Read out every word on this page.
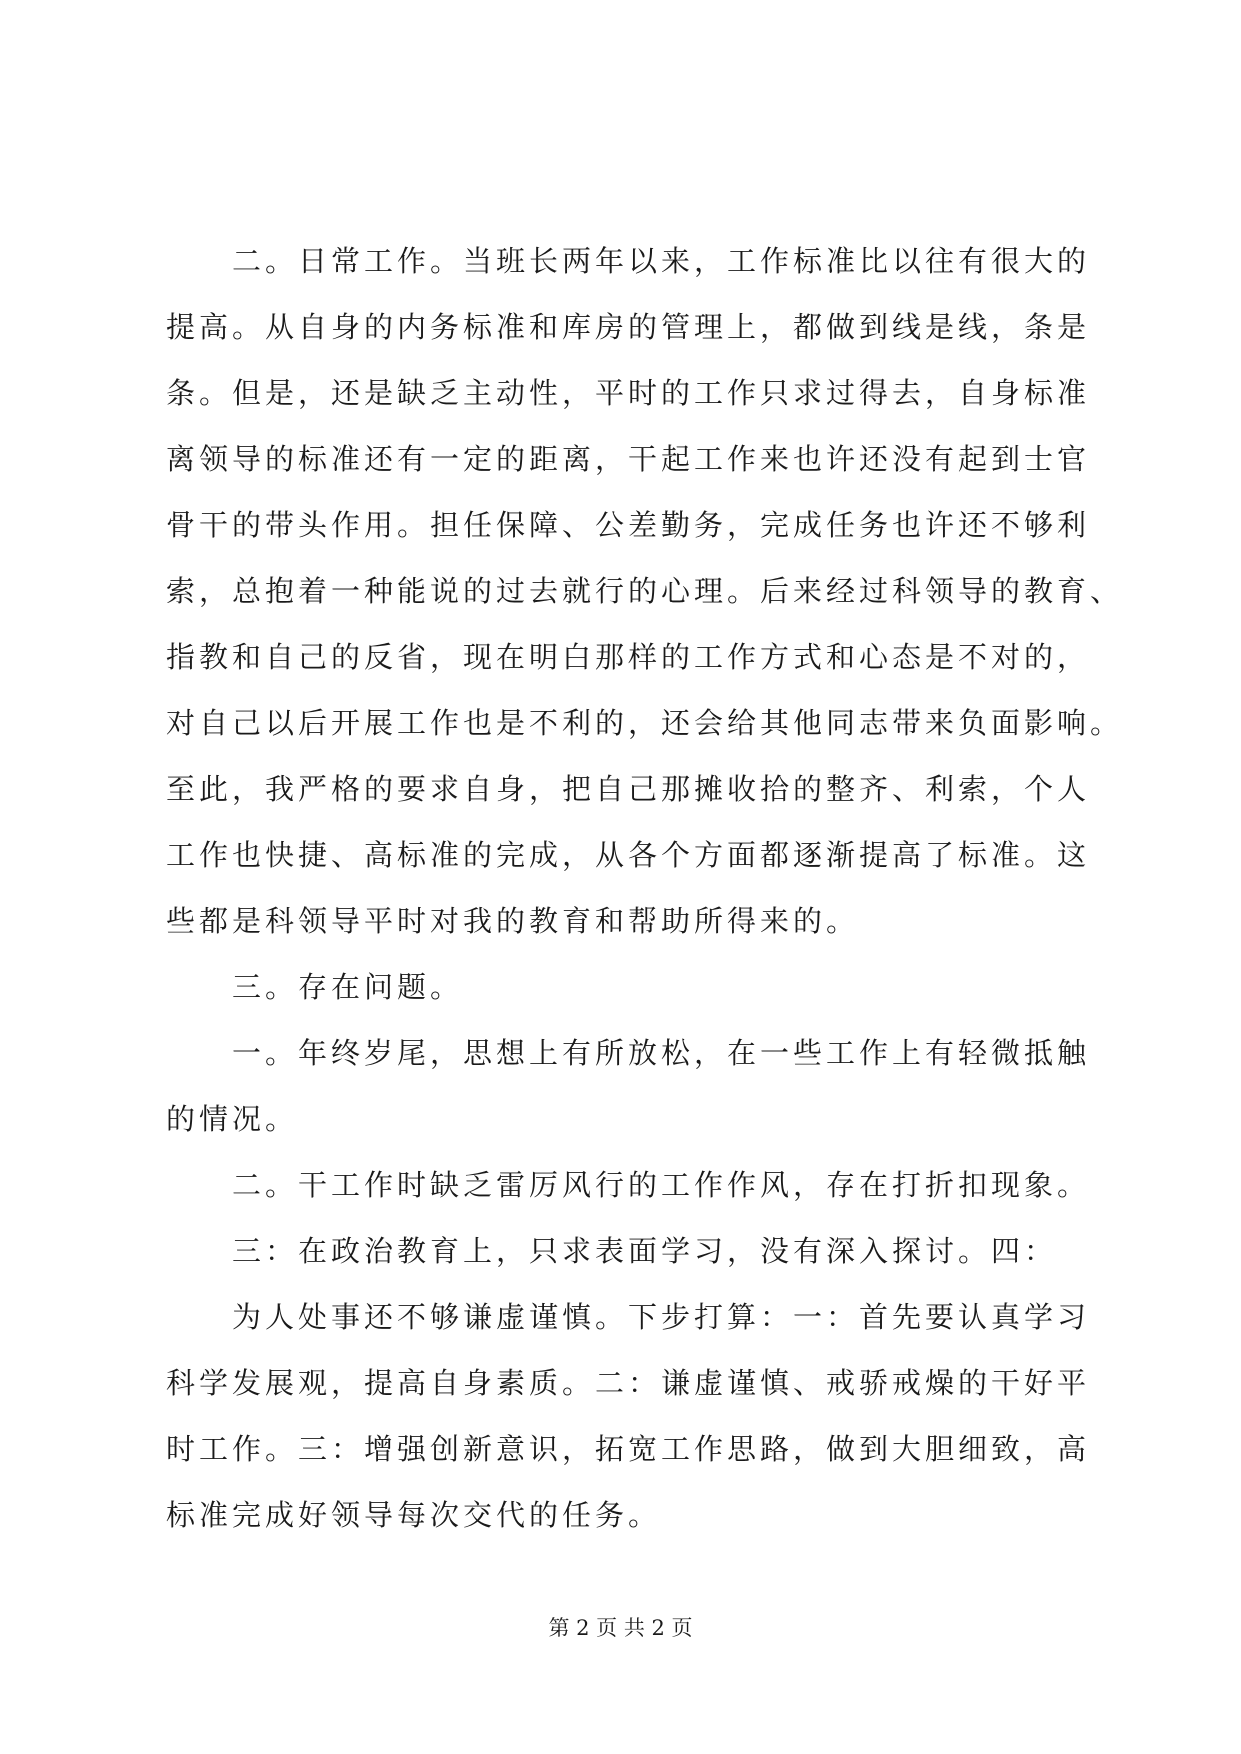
二。日常工作。当班长两年以来，工作标准比以往有很大的
提高。从自身的内务标准和库房的管理上，都做到线是线，条是
条。但是，还是缺乏主动性，平时的工作只求过得去，自身标准
离领导的标准还有一定的距离，干起工作来也许还没有起到士官
骨干的带头作用。担任保障、公差勤务，完成任务也许还不够利
索，总抱着一种能说的过去就行的心理。后来经过科领导的教育、
指教和自己的反省，现在明白那样的工作方式和心态是不对的，
对自己以后开展工作也是不利的，还会给其他同志带来负面影响。
至此，我严格的要求自身，把自己那摊收拾的整齐、利索，个人
工作也快捷、高标准的完成，从各个方面都逐渐提高了标准。这
些都是科领导平时对我的教育和帮助所得来的。
三。存在问题。
一。年终岁尾，思想上有所放松，在一些工作上有轻微抵触
的情况。
二。干工作时缺乏雷厉风行的工作作风，存在打折扣现象。
三：在政治教育上，只求表面学习，没有深入探讨。四：
为人处事还不够谦虚谨慎。下步打算：一：首先要认真学习
科学发展观，提高自身素质。二：谦虚谨慎、戒骄戒燥的干好平
时工作。三：增强创新意识，拓宽工作思路，做到大胆细致，高
标准完成好领导每次交代的任务。
第 2 页 共 2 页
